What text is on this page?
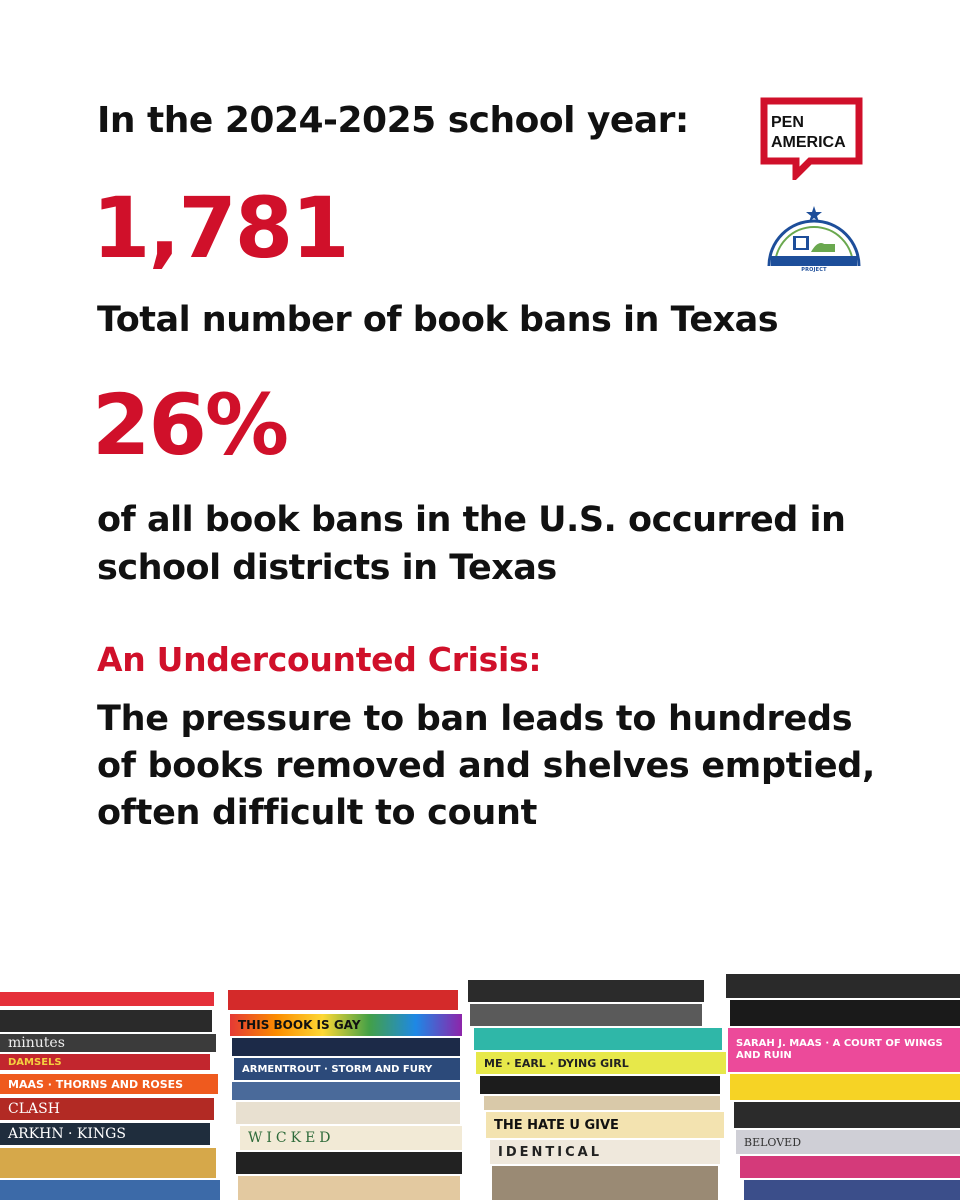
In the 2024-2025 school year:
1,781
Total number of book bans in Texas
26%
of all book bans in the U.S. occurred in school districts in Texas
An Undercounted Crisis:
The pressure to ban leads to hundreds of books removed and shelves emptied, often difficult to count
PEN
AMERICA
TEXAS FREEDOM TO READ PROJECT
minutes
DAMSELS
MAAS · THORNS AND ROSES
CLASH
ARKHN · KINGS
THIS BOOK IS GAY
ARMENTROUT · STORM AND FURY
WICKED
ME · EARL · DYING GIRL
THE HATE U GIVE
IDENTICAL
SARAH J. MAAS · A COURT OF WINGS AND RUIN
BELOVED
